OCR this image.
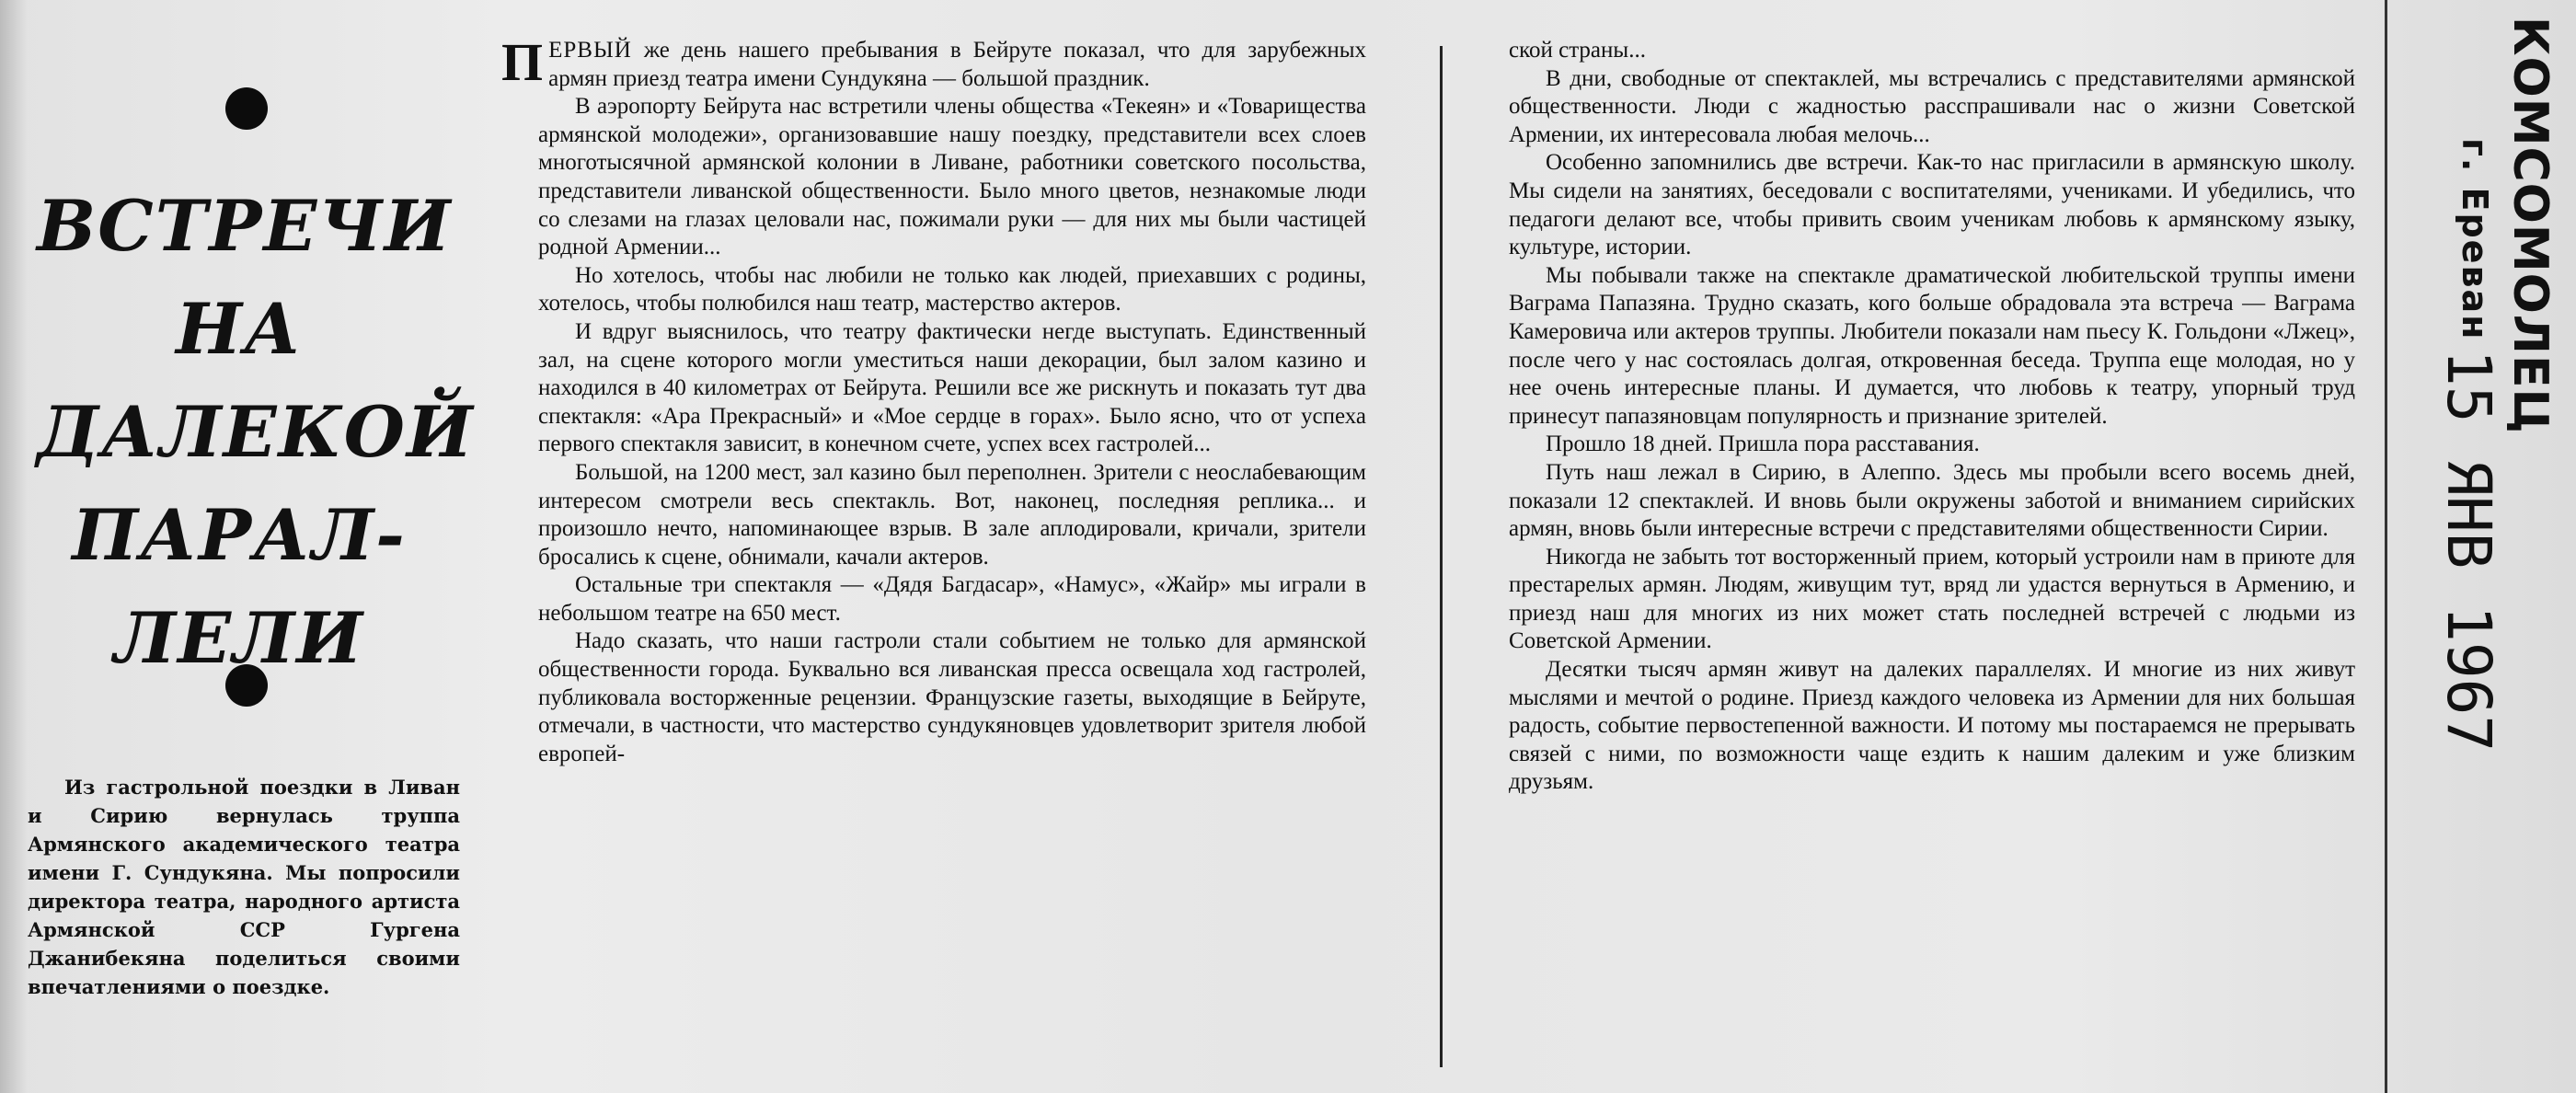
ВСТРЕЧИ
НА
ДАЛЕКОЙ
ПАРАЛ-
ЛЕЛИ
Из гастрольной поездки в Ливан и Сирию вернулась труппа Армянского академического театра имени Г. Сундукяна. Мы попросили директора театра, народного артиста Армянской ССР Гургена Джанибекяна поделиться своими впечатлениями о поездке.

ПЕРВЫЙ же день нашего пребывания в Бейруте показал, что для зарубежных армян приезд театра имени Сундукяна — большой праздник.

В аэропорту Бейрута нас встретили члены общества «Текеян» и «Товарищества армянской молодежи», организовавшие нашу поездку, представители всех слоев многотысячной армянской колонии в Ливане, работники советского посольства, представители ливанской общественности. Было много цветов, незнакомые люди со слезами на глазах целовали нас, пожимали руки — для них мы были частицей родной Армении...

Но хотелось, чтобы нас любили не только как людей, приехавших с родины, хотелось, чтобы полюбился наш театр, мастерство актеров.

И вдруг выяснилось, что театру фактически негде выступать. Единственный зал, на сцене которого могли уместиться наши декорации, был залом казино и находился в 40 километрах от Бейрута. Решили все же рискнуть и показать тут два спектакля: «Ара Прекрасный» и «Мое сердце в горах». Было ясно, что от успеха первого спектакля зависит, в конечном счете, успех всех гастролей...

Большой, на 1200 мест, зал казино был переполнен. Зрители с неослабевающим интересом смотрели весь спектакль. Вот, наконец, последняя реплика... и произошло нечто, напоминающее взрыв. В зале аплодировали, кричали, зрители бросались к сцене, обнимали, качали актеров.

Остальные три спектакля — «Дядя Багдасар», «Намус», «Жайр» мы играли в небольшом театре на 650 мест.

Надо сказать, что наши гастроли стали событием не только для армянской общественности города. Буквально вся ливанская пресса освещала ход гастролей, публиковала восторженные рецензии. Французские газеты, выходящие в Бейруте, отмечали, в частности, что мастерство сундукяновцев удовлетворит зрителя любой европей-

ской страны...

В дни, свободные от спектаклей, мы встречались с представителями армянской общественности. Люди с жадностью расспрашивали нас о жизни Советской Армении, их интересовала любая мелочь...

Особенно запомнились две встречи. Как-то нас пригласили в армянскую школу. Мы сидели на занятиях, беседовали с воспитателями, учениками. И убедились, что педагоги делают все, чтобы привить своим ученикам любовь к армянскому языку, культуре, истории.

Мы побывали также на спектакле драматической любительской труппы имени Ваграма Папазяна. Трудно сказать, кого больше обрадовала эта встреча — Ваграма Камеровича или актеров труппы. Любители показали нам пьесу К. Гольдони «Лжец», после чего у нас состоялась долгая, откровенная беседа. Труппа еще молодая, но у нее очень интересные планы. И думается, что любовь к театру, упорный труд принесут папазяновцам популярность и признание зрителей.

Прошло 18 дней. Пришла пора расставания.

Путь наш лежал в Сирию, в Алеппо. Здесь мы пробыли всего восемь дней, показали 12 спектаклей. И вновь были окружены заботой и вниманием сирийских армян, вновь были интересные встречи с представителями общественности Сирии.

Никогда не забыть тот восторженный прием, который устроили нам в приюте для престарелых армян. Людям, живущим тут, вряд ли удастся вернуться в Армению, и приезд наш для многих из них может стать последней встречей с людьми из Советской Армении.

Десятки тысяч армян живут на далеких параллелях. И многие из них живут мыслями и мечтой о родине. Приезд каждого человека из Армении для них большая радость, событие первостепенной важности. И потому мы постараемся не прерывать связей с ними, по возможности чаще ездить к нашим далеким и уже близким друзьям.

КОМСОМОЛЕЦ
г. Ереван
15 ЯНВ 1967
